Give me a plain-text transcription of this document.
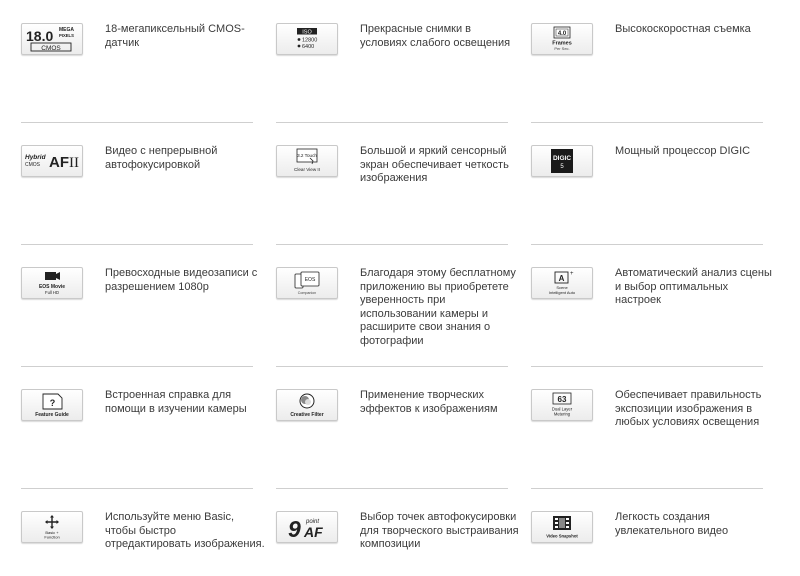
18.0 MEGA
PIXELS
CMOS
18-мегапиксельный CMOS-датчик
ISO
12800
6400
Прекрасные снимки в условиях слабого освещения
4.0
Frames
Per Sec.
Высокоскоростная съемка
Hybrid
CMOS AF II
Видео с непрерывной автофокусировкой
3.2 Touch
Clear View II
Большой и яркий сенсорный экран обеспечивает четкость изображения
DIGIC
5
Мощный процессор DIGIC
EOS Movie
Full HD
Превосходные видеозаписи с разрешением 1080p
EOS
Companion
Благодаря этому бесплатному приложению вы приобретете уверенность при использовании камеры и расширите свои знания о фотографии
A +
Scene
Intelligent Auto
Автоматический анализ сцены и выбор оптимальных настроек
?
Feature Guide
Встроенная справка для помощи в изучении камеры
Creative Filter
Применение творческих эффектов к изображениям
63
Dual Layer
Metering
Обеспечивает правильность экспозиции изображения в любых условиях освещения
Basic +
Function
Используйте меню Basic, чтобы быстро отредактировать изображения.
9 point
AF
Выбор точек автофокусировки для творческого выстраивания композиции
Video Snapshot
Легкость создания увлекательного видео
